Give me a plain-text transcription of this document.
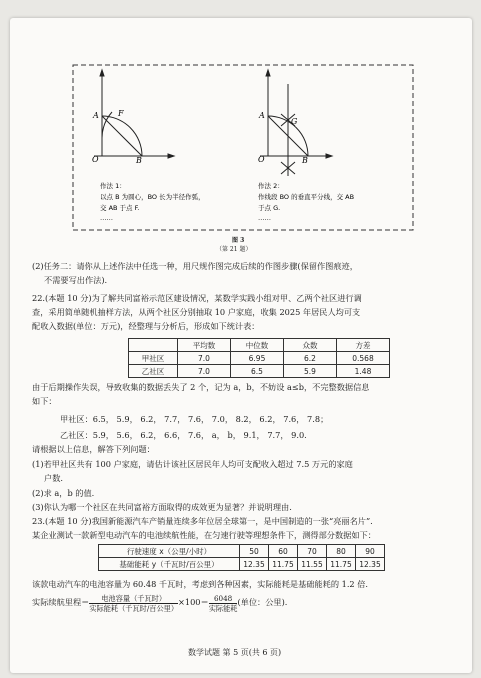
A F
O	B
作法 1：
以点 B 为圆心，BO 长为半径作弧，
交 AB 于点 F.
……
A
G
O	B
作法 2：
作线段 BO 的垂直平分线，交 AB
于点 G.
……
图 3
（第 21 题）
(2)任务二：请你从上述作法中任选一种，用尺规作图完成后续的作图步骤(保留作图痕迹，
不需要写出作法).
22.(本题 10 分)为了解共同富裕示范区建设情况，某数学实践小组对甲、乙两个社区进行调
查，采用简单随机抽样方法，从两个社区分别抽取 10 户家庭，收集 2025 年居民人均可支
配收入数据(单位：万元)，经整理与分析后，形成如下统计表：
	平均数	中位数	众数	方差
甲社区	7.0	6.95	6.2	0.568
乙社区	7.0	6.5	5.9	1.48
由于后期操作失误，导致收集的数据丢失了 2 个，记为 a，b，不妨设 a≤b，不完整数据信息
如下：
甲社区：6.5， 5.9， 6.2， 7.7， 7.6， 7.0， 8.2， 6.2， 7.6， 7.8；
乙社区：5.9， 5.6， 6.2， 6.6， 7.6， a， b， 9.1， 7.7， 9.0.
请根据以上信息，解答下列问题：
(1)若甲社区共有 100 户家庭，请估计该社区居民年人均可支配收入超过 7.5 万元的家庭
户数.
(2)求 a，b 的值.
(3)你认为哪一个社区在共同富裕方面取得的成效更为显著？并说明理由.
23.(本题 10 分)我国新能源汽车产销量连续多年位居全球第一，是中国制造的一张“亮丽名片”.
某企业测试一款新型电动汽车的电池续航性能，在匀速行驶等理想条件下，测得部分数据如下：
行驶速度 x（公里/小时）	50	60	70	80	90
基础能耗 y（千瓦时/百公里）	12.35	11.75	11.55	11.75	12.35
该款电动汽车的电池容量为 60.48 千瓦时，考虑到各种因素，实际能耗是基础能耗的 1.2 倍.
实际续航里程＝ $\frac{\text{电池容量（千瓦时）}}{\text{实际能耗（千瓦时/百公里）}} \times 100= \frac{6048}{\text{实际能耗}}$ (单位：公里).
数学试题 第 5 页(共 6 页)
